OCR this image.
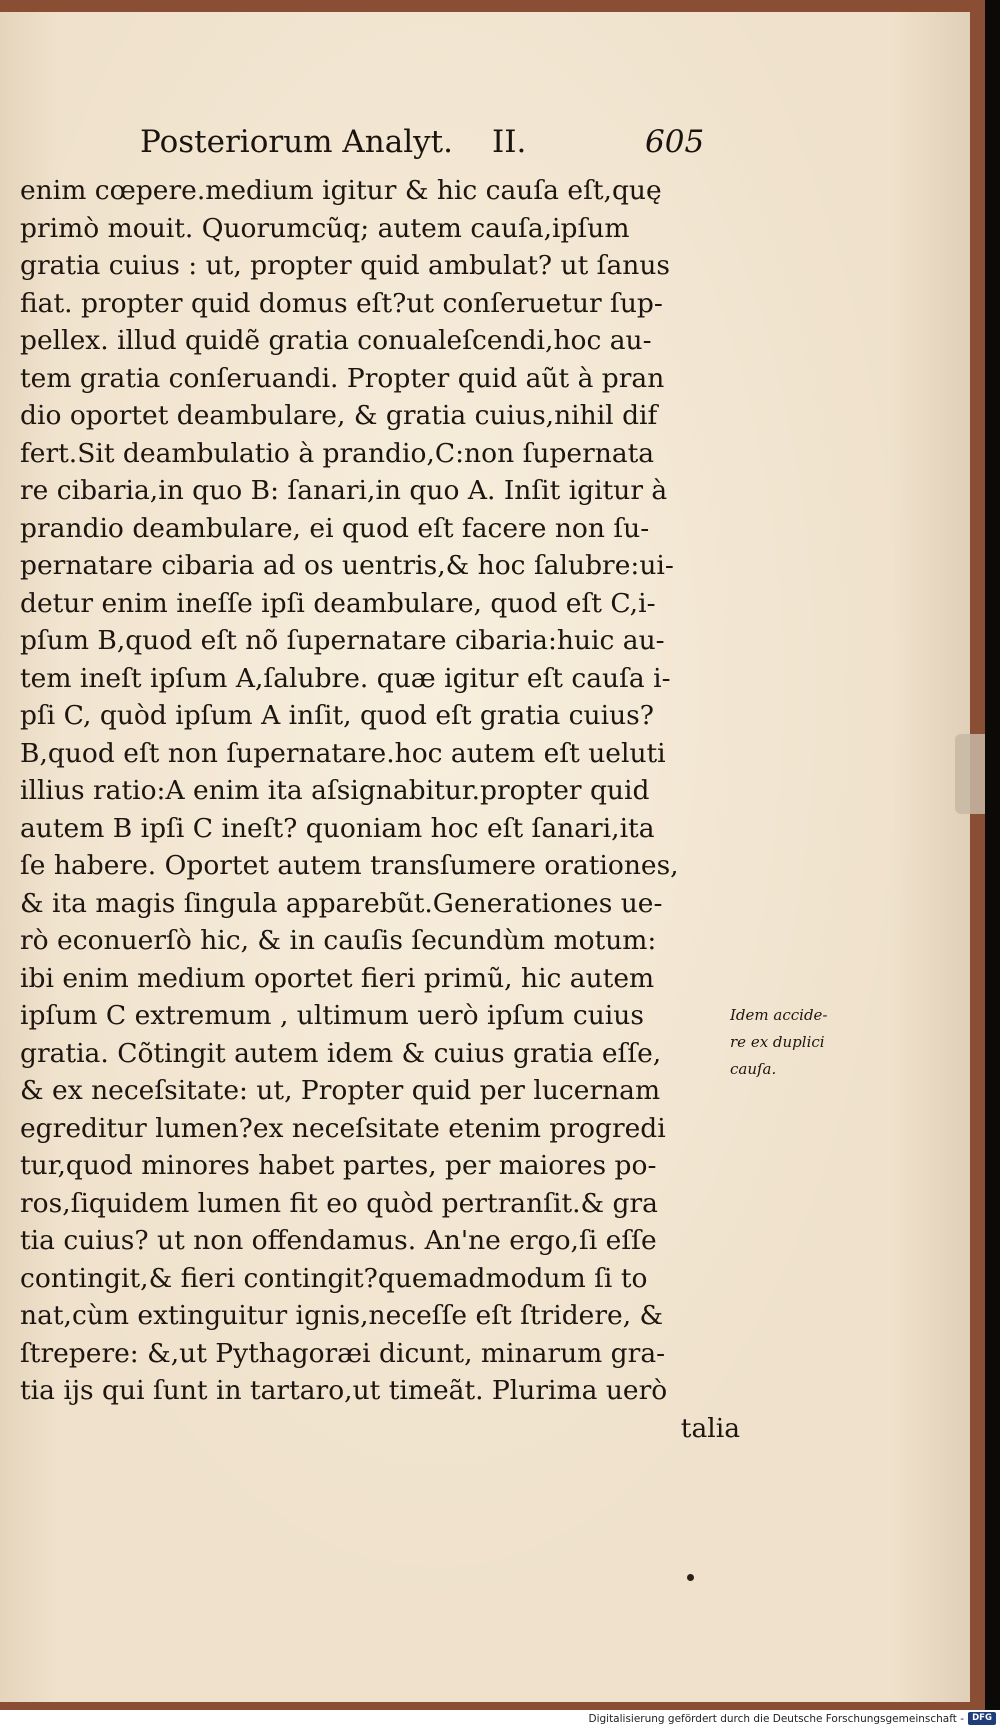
Posteriorum Analyt. II.	605
enim cœpere.medium igitur & hic cauſa eſt,quę
primò mouit. Quorumcũq; autem cauſa,ipſum
gratia cuius : ut, propter quid ambulat? ut ſanus
fiat. propter quid domus eſt?ut conſeruetur ſup-
pellex. illud quidẽ gratia conualeſcendi,hoc au-
tem gratia conſeruandi. Propter quid aũt à pran
dio oportet deambulare, & gratia cuius,nihil dif
fert.Sit deambulatio à prandio,C:non ſupernata
re cibaria,in quo B: ſanari,in quo A. Inſit igitur à
prandio deambulare, ei quod eſt facere non ſu-
pernatare cibaria ad os uentris,& hoc ſalubre:ui-
detur enim ineſſe ipſi deambulare, quod eſt C,i-
pſum B,quod eſt nõ ſupernatare cibaria:huic au-
tem ineſt ipſum A,ſalubre. quæ igitur eſt cauſa i-
pſi C, quòd ipſum A inſit, quod eſt gratia cuius?
B,quod eſt non ſupernatare.hoc autem eſt ueluti
illius ratio:A enim ita aſsignabitur.propter quid
autem B ipſi C ineſt? quoniam hoc eſt ſanari,ita
ſe habere. Oportet autem transſumere orationes,
& ita magis ſingula apparebũt.Generationes ue-
rò econuerſò hic, & in cauſis ſecundùm motum:
ibi enim medium oportet fieri primũ, hic autem
ipſum C extremum , ultimum uerò ipſum cuius
gratia. Cõtingit autem idem & cuius gratia eſſe,
& ex neceſsitate: ut, Propter quid per lucernam
egreditur lumen?ex neceſsitate etenim progredi
tur,quod minores habet partes, per maiores po-
ros,ſiquidem lumen fit eo quòd pertranſit.& gra
tia cuius? ut non offendamus. An'ne ergo,ſi eſſe
contingit,& fieri contingit?quemadmodum ſi to
nat,cùm extinguitur ignis,neceſſe eſt ſtridere, &
ſtrepere: &,ut Pythagoræi dicunt, minarum gra-
tia ijs qui ſunt in tartaro,ut timeãt. Plurima uerò
talia
Idem accide-
re ex duplici
cauſa.
Digitalisierung gefördert durch die Deutsche Forschungsgemeinschaft - DFG
